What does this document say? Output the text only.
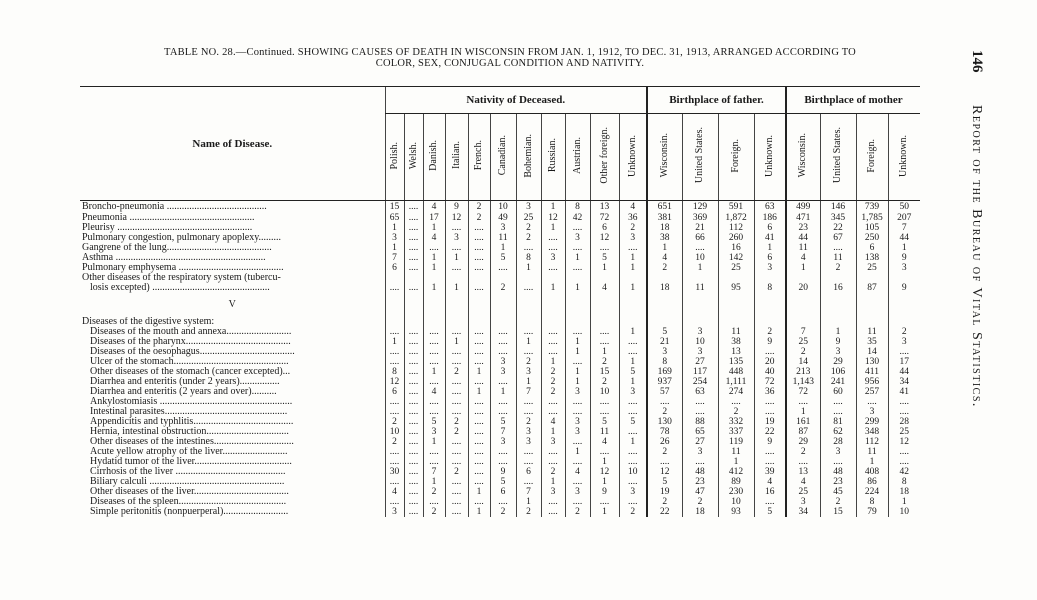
TABLE NO. 28.—Continued. SHOWING CAUSES OF DEATH IN WISCONSIN FROM JAN. 1, 1912, TO DEC. 31, 1913, ARRANGED ACCORDING TO
COLOR, SEX, CONJUGAL CONDITION AND NATIVITY.	146
Report of the Bureau of Vital Statistics.
Name of Disease.	Nativity of Deceased.											Birthplace of father.				Birthplace of mother			
	Polish.	Welsh.	Danish.	Italian.	French.	Canadian.	Bohemian.	Russian.	Austrian.	Other foreign.	Unknown.	Wisconsin.	United States.	Foreign.	Unknown.	Wisconsin.	United States.	Foreign.	Unknown.
Broncho-pneumonia ........................................	15	....	4	9	2	10	3	1	8	13	4	651	129	591	63	499	146	739	50
Pneumonia ..................................................	65	....	17	12	2	49	25	12	42	72	36	381	369	1,872	186	471	345	1,785	207
Pleurisy ......................................................	1	....	1	....	....	3	2	1	....	6	2	18	21	112	6	23	22	105	7
Pulmonary congestion, pulmonary apoplexy.........	3	....	4	3	....	11	2	....	3	12	3	38	66	260	41	44	67	250	44
Gangrene of the lung..........................................	1	....	....	....	....	1	....	....	....	....	....	1	....	16	1	11	....	6	1
Asthma ............................................................	7	....	1	1	....	5	8	3	1	5	1	4	10	142	6	4	11	138	9
Pulmonary emphysema ..........................................	6	....	1	....	....	....	1	....	....	1	1	2	1	25	3	1	2	25	3
Other diseases of the respiratory system (tubercu-																			
losis excepted) ...............................................	....	....	1	1	....	2	....	1	1	4	1	18	11	95	8	20	16	87	9
V																			
Diseases of the digestive system:																			
Diseases of the mouth and annexa..........................	....	....	....	....	....	....	....	....	....	....	1	5	3	11	2	7	1	11	2
Diseases of the pharynx..........................................	1	....	....	1	....	....	1	....	1	....	....	21	10	38	9	25	9	35	3
Diseases of the oesophagus......................................	....	....	....	....	....	....	....	....	1	1	....	3	3	13	....	2	3	14	....
Ulcer of the stomach..............................................	....	....	....	....	....	3	2	1	....	2	1	8	27	135	20	14	29	130	17
Other diseases of the stomach (cancer excepted)...	8	....	1	2	1	3	3	2	1	15	5	169	117	448	40	213	106	411	44
Diarrhea and enteritis (under 2 years)................	12	....	....	....	....	....	1	2	1	2	1	937	254	1,111	72	1,143	241	956	34
Diarrhea and enteritis (2 years and over)..........	6	....	4	....	1	1	7	2	3	10	3	57	63	274	36	72	60	257	41
Ankylostomiasis .....................................................	....	....	....	....	....	....	....	....	....	....	....	....	....	....	....	....	....	....	....
Intestinal parasites.................................................	....	....	....	....	....	....	....	....	....	....	....	2	....	2	....	1	....	3	....
Appendicitis and typhlitis........................................	2	....	5	2	....	5	2	4	3	5	5	130	88	332	19	161	81	299	28
Hernia, intestinal obstruction.................................	10	....	3	2	....	7	3	1	3	11	....	78	65	337	22	87	62	348	25
Other diseases of the intestines................................	2	....	1	....	....	3	3	3	....	4	1	26	27	119	9	29	28	112	12
Acute yellow atrophy of the liver..........................	....	....	....	....	....	....	....	....	1	....	....	2	3	11	....	2	3	11	....
Hydatid tumor of the liver.......................................	....	....	....	....	....	....	....	....	....	1	....	....	....	1	....	....	....	1	....
Cirrhosis of the liver ............................................	30	....	7	2	....	9	6	2	4	12	10	12	48	412	39	13	48	408	42
Biliary calculi ......................................................	....	....	1	....	....	5	....	1	....	1	....	5	23	89	4	4	23	86	8
Other diseases of the liver......................................	4	....	2	....	1	6	7	3	3	9	3	19	47	230	16	25	45	224	18
Diseases of the spleen...........................................	....	....	....	....	....	....	1	....	....	....	....	2	2	10	....	3	2	8	1
Simple peritonitis (nonpuerperal)..........................	3	....	2	....	1	2	2	....	2	1	2	22	18	93	5	34	15	79	10
